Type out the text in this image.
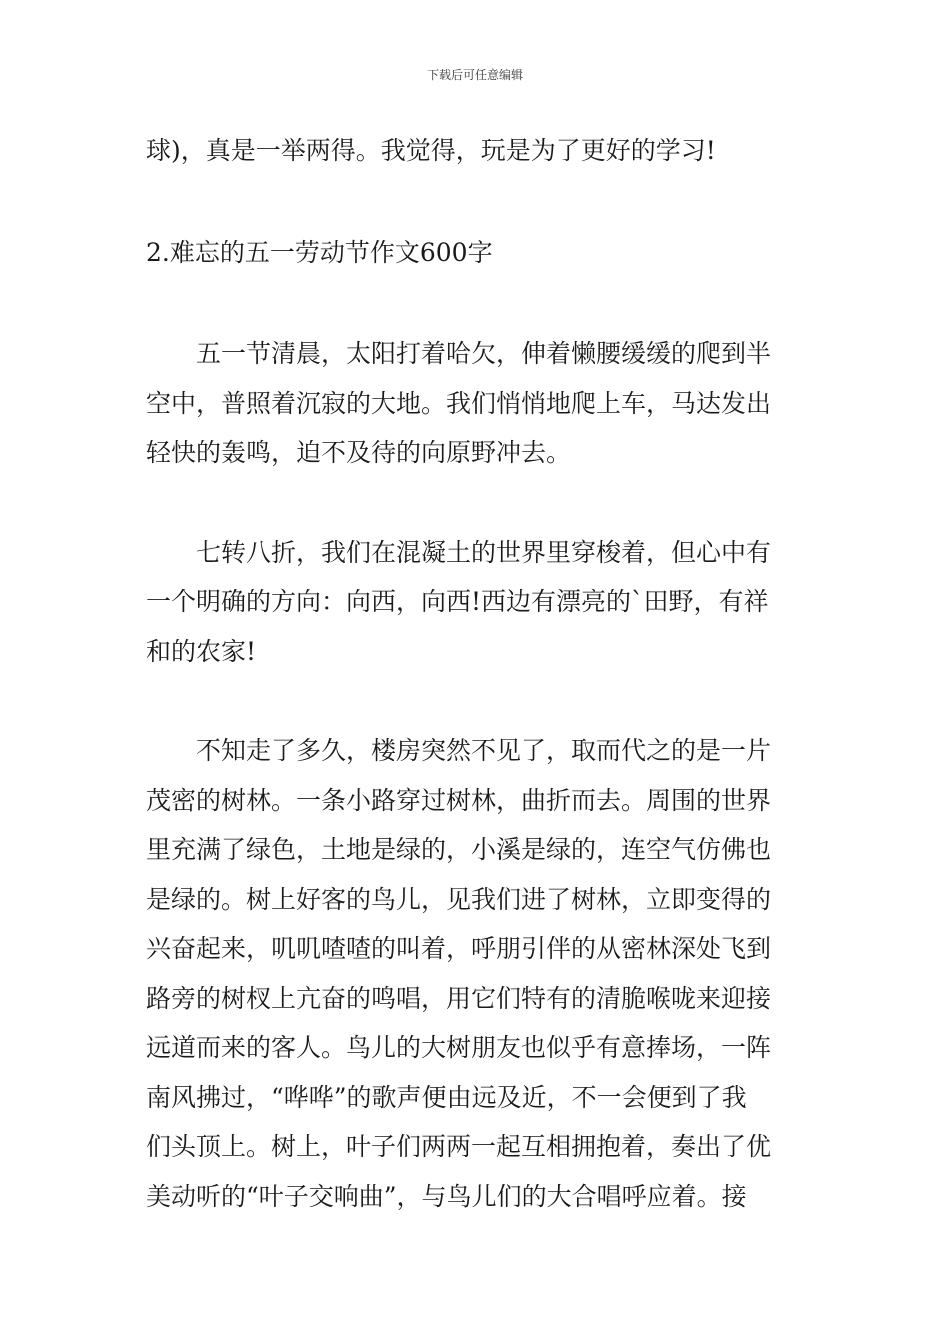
下载后可任意编辑

球)，真是一举两得。我觉得，玩是为了更好的学习!

2.难忘的五一劳动节作文600字

五一节清晨，太阳打着哈欠，伸着懒腰缓缓的爬到半
空中，普照着沉寂的大地。我们悄悄地爬上车，马达发出
轻快的轰鸣，迫不及待的向原野冲去。

七转八折，我们在混凝土的世界里穿梭着，但心中有
一个明确的方向：向西，向西!西边有漂亮的`田野，有祥
和的农家!

不知走了多久，楼房突然不见了，取而代之的是一片
茂密的树林。一条小路穿过树林，曲折而去。周围的世界
里充满了绿色，土地是绿的，小溪是绿的，连空气仿佛也
是绿的。树上好客的鸟儿，见我们进了树林，立即变得的
兴奋起来，叽叽喳喳的叫着，呼朋引伴的从密林深处飞到
路旁的树杈上亢奋的鸣唱，用它们特有的清脆喉咙来迎接
远道而来的客人。鸟儿的大树朋友也似乎有意捧场，一阵
南风拂过，“哗哗”的歌声便由远及近，不一会便到了我
们头顶上。树上，叶子们两两一起互相拥抱着，奏出了优
美动听的“叶子交响曲”，与鸟儿们的大合唱呼应着。接
